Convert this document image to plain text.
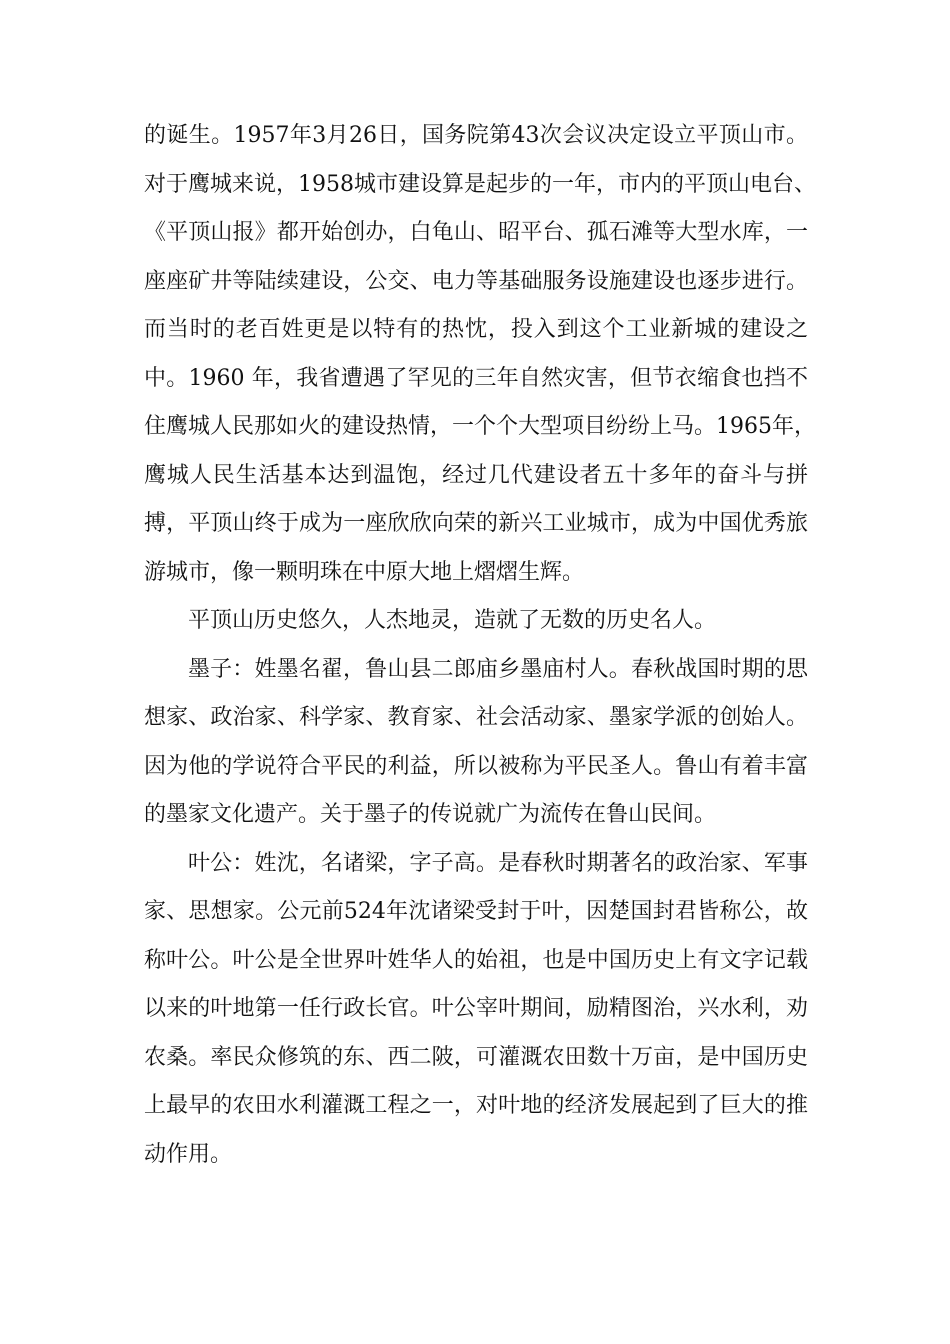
的诞生。1957年3月26日，国务院第43次会议决定设立平顶山市。
对于鹰城来说，1958城市建设算是起步的一年，市内的平顶山电台、
《平顶山报》都开始创办，白龟山、昭平台、孤石滩等大型水库，一
座座矿井等陆续建设，公交、电力等基础服务设施建设也逐步进行。
而当时的老百姓更是以特有的热忱，投入到这个工业新城的建设之
中。1960 年，我省遭遇了罕见的三年自然灾害，但节衣缩食也挡不
住鹰城人民那如火的建设热情，一个个大型项目纷纷上马。1965年，
鹰城人民生活基本达到温饱，经过几代建设者五十多年的奋斗与拼
搏，平顶山终于成为一座欣欣向荣的新兴工业城市，成为中国优秀旅
游城市，像一颗明珠在中原大地上熠熠生辉。
平顶山历史悠久，人杰地灵，造就了无数的历史名人。
墨子：姓墨名翟，鲁山县二郎庙乡墨庙村人。春秋战国时期的思
想家、政治家、科学家、教育家、社会活动家、墨家学派的创始人。
因为他的学说符合平民的利益，所以被称为平民圣人。鲁山有着丰富
的墨家文化遗产。关于墨子的传说就广为流传在鲁山民间。
叶公：姓沈，名诸梁，字子高。是春秋时期著名的政治家、军事
家、思想家。公元前524年沈诸梁受封于叶，因楚国封君皆称公，故
称叶公。叶公是全世界叶姓华人的始祖，也是中国历史上有文字记载
以来的叶地第一任行政长官。叶公宰叶期间，励精图治，兴水利，劝
农桑。率民众修筑的东、西二陂，可灌溉农田数十万亩，是中国历史
上最早的农田水利灌溉工程之一，对叶地的经济发展起到了巨大的推
动作用。
